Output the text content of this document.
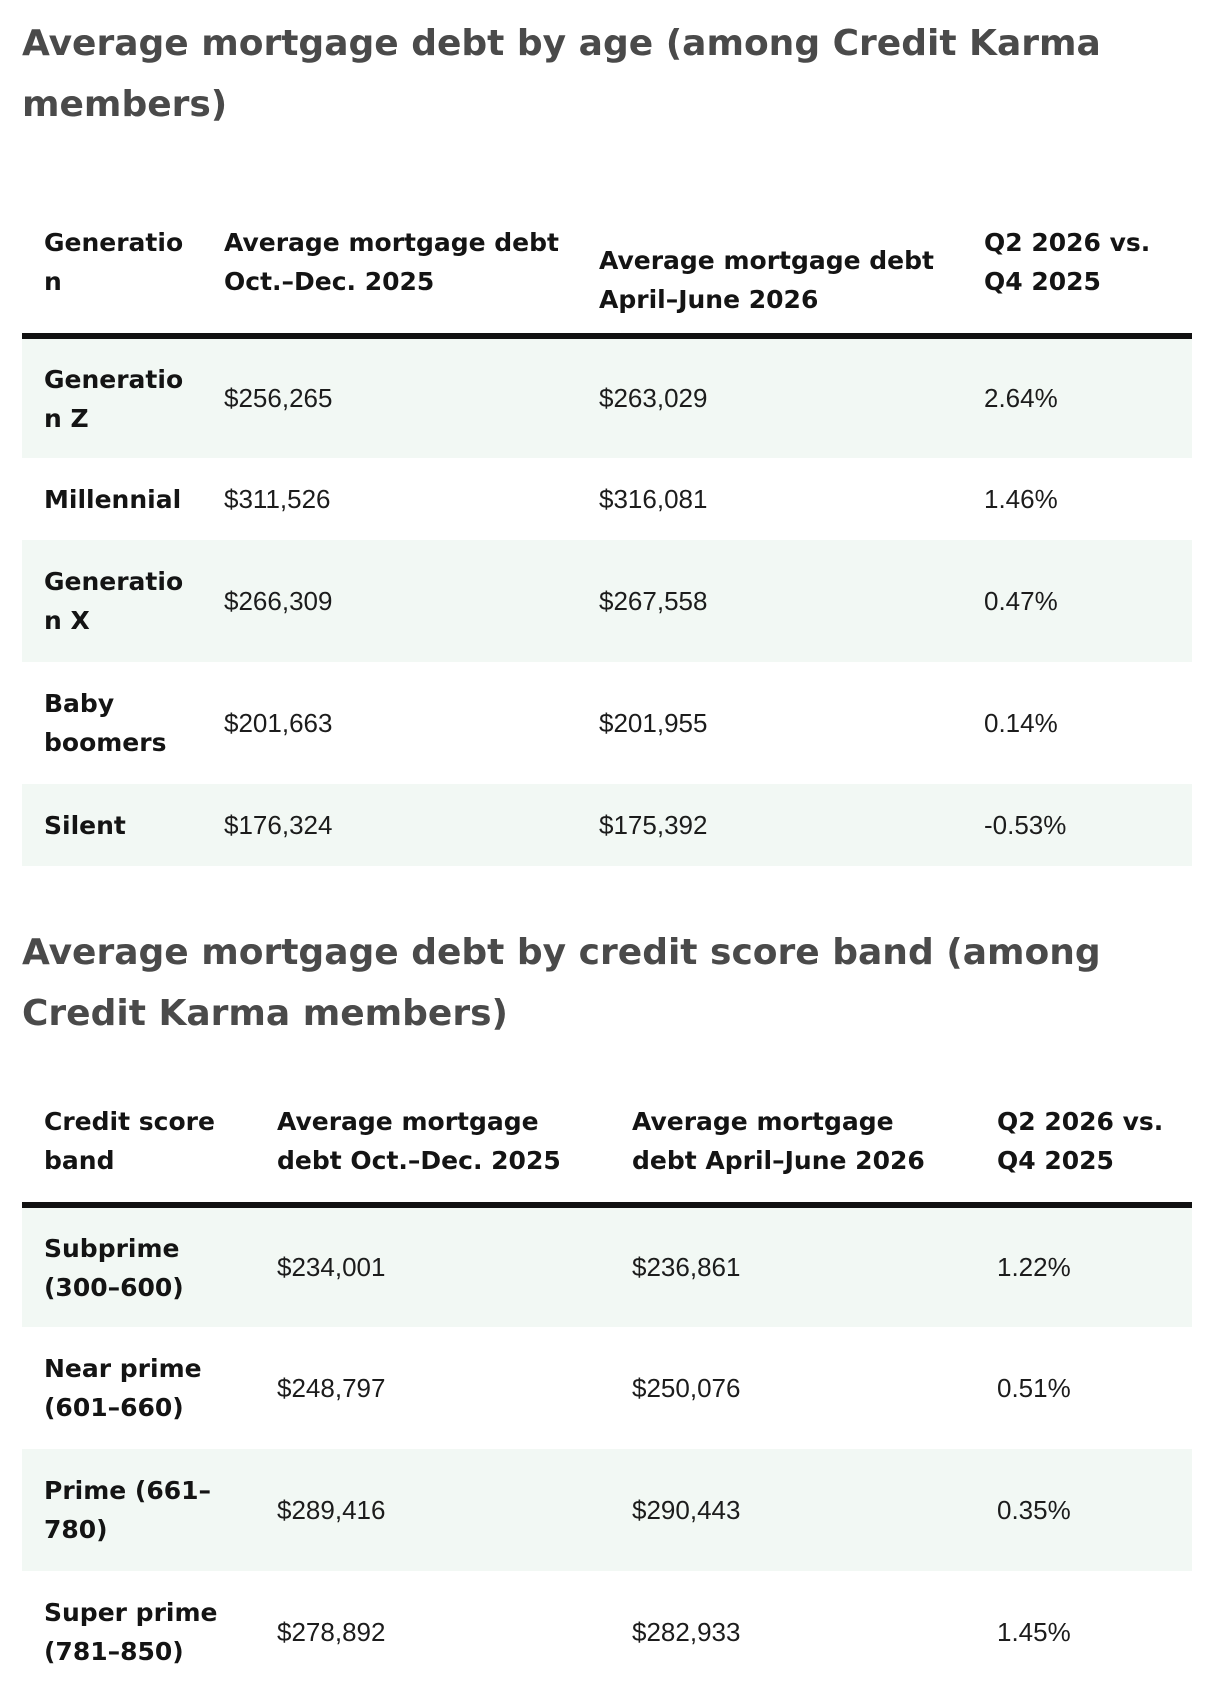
Average mortgage debt by age (among Credit Karma members)
Generation	Average mortgage debt Oct.–Dec. 2025	Average mortgage debt April–June 2026	Q2 2026 vs. Q4 2025
Generation Z	$256,265	$263,029	2.64%
Millennial	$311,526	$316,081	1.46%
Generation X	$266,309	$267,558	0.47%
Baby boomers	$201,663	$201,955	0.14%
Silent	$176,324	$175,392	-0.53%
Average mortgage debt by credit score band (among Credit Karma members)
Credit score band	Average mortgage debt Oct.–Dec. 2025	Average mortgage debt April–June 2026	Q2 2026 vs. Q4 2025
Subprime (300–600)	$234,001	$236,861	1.22%
Near prime (601–660)	$248,797	$250,076	0.51%
Prime (661–780)	$289,416	$290,443	0.35%
Super prime (781–850)	$278,892	$282,933	1.45%
